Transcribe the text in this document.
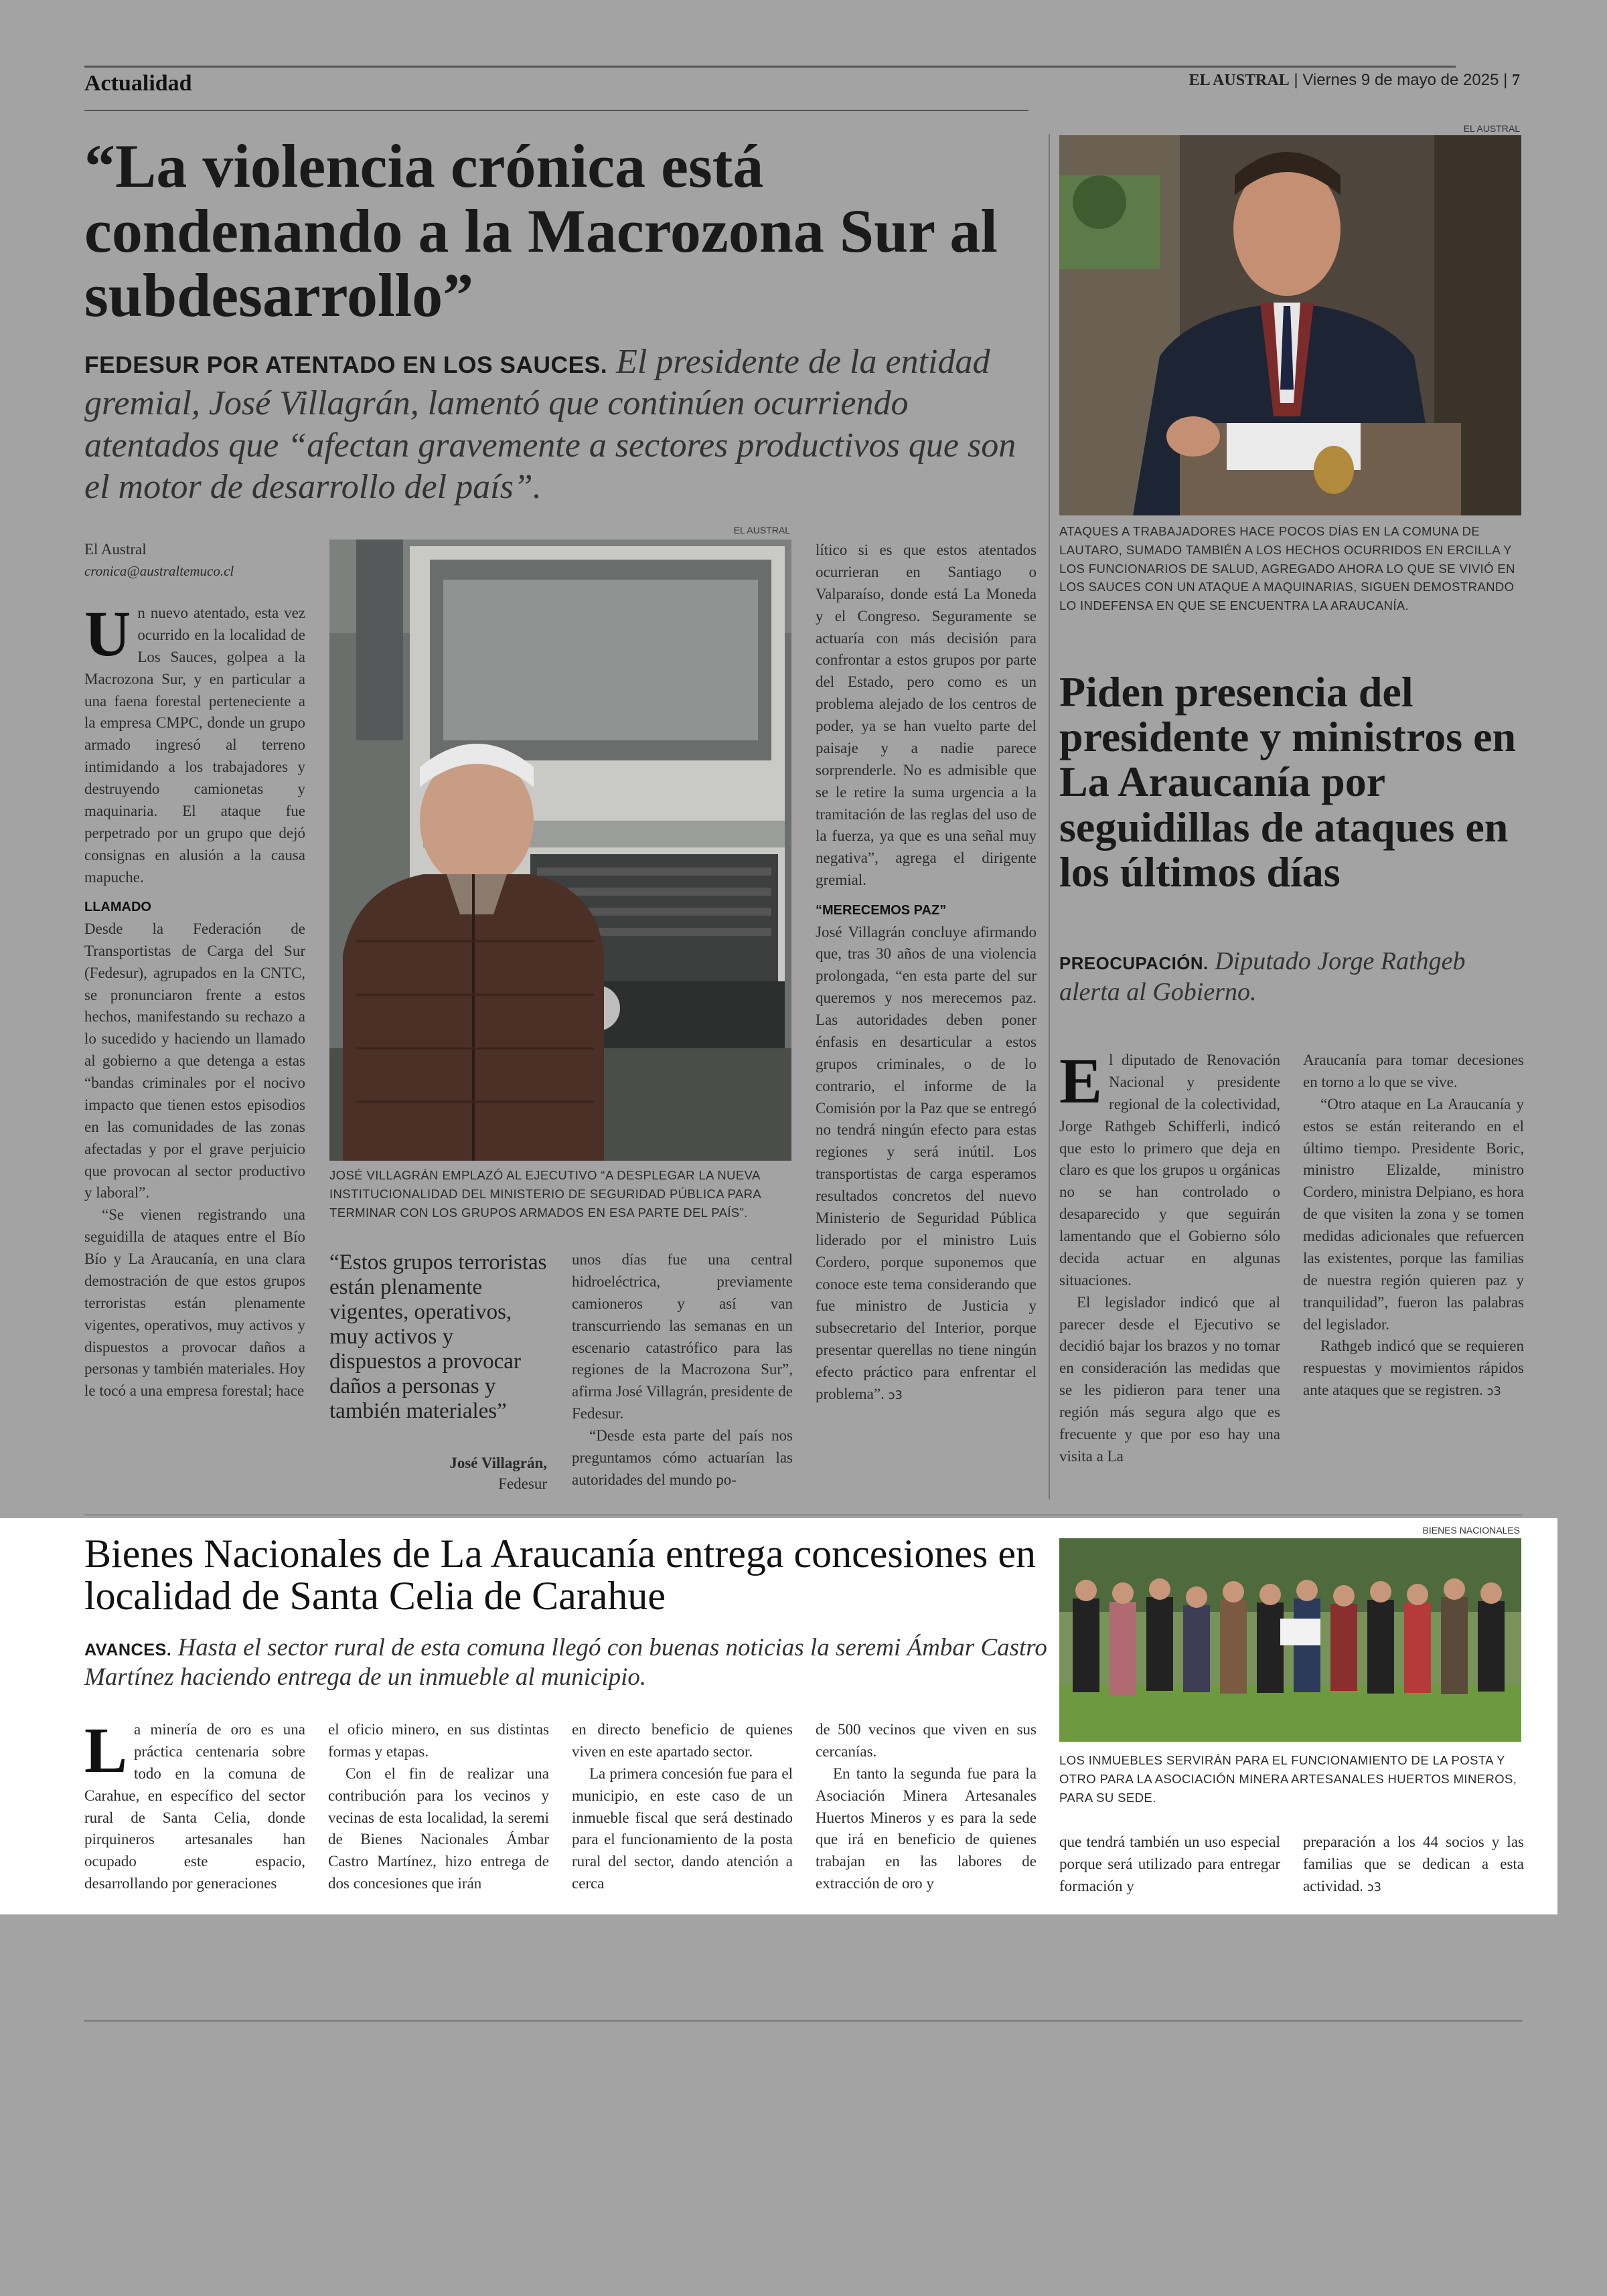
Actualidad	EL AUSTRAL | Viernes 9 de mayo de 2025 | 7
“La violencia crónica está condenando a la Macrozona Sur al subdesarrollo”
FEDESUR POR ATENTADO EN LOS SAUCES. El presidente de la entidad gremial, José Villagrán, lamentó que continúen ocurriendo atentados que “afectan gravemente a sectores productivos que son el motor de desarrollo del país”.
El Austral
cronica@australtemuco.cl

Un nuevo atentado, esta vez ocurrido en la localidad de Los Sauces, golpea a la Macrozona Sur, y en particular a una faena forestal perteneciente a la empresa CMPC, donde un grupo armado ingresó al terreno intimidando a los trabajadores y destruyendo camionetas y maquinaria. El ataque fue perpetrado por un grupo que dejó consignas en alusión a la causa mapuche.

LLAMADO

Desde la Federación de Transportistas de Carga del Sur (Fedesur), agrupados en la CNTC, se pronunciaron frente a estos hechos, manifestando su rechazo a lo sucedido y haciendo un llamado al gobierno a que detenga a estas “bandas criminales por el nocivo impacto que tienen estos episodios en las comunidades de las zonas afectadas y por el grave perjuicio que provocan al sector productivo y laboral”.

“Se vienen registrando una seguidilla de ataques entre el Bío Bío y La Araucanía, en una clara demostración de que estos grupos terroristas están plenamente vigentes, operativos, muy activos y dispuestos a provocar daños a personas y también materiales. Hoy le tocó a una empresa forestal; hace

EL AUSTRAL
JOSÉ VILLAGRÁN EMPLAZÓ AL EJECUTIVO “A DESPLEGAR LA NUEVA INSTITUCIONALIDAD DEL MINISTERIO DE SEGURIDAD PÚBLICA PARA TERMINAR CON LOS GRUPOS ARMADOS EN ESA PARTE DEL PAÍS”.
“Estos grupos terroristas están plenamente vigentes, operativos, muy activos y dispuestos a provocar daños a personas y también materiales”
José Villagrán,
Fedesur

unos días fue una central hidroeléctrica, previamente camioneros y así van transcurriendo las semanas en un escenario catastrófico para las regiones de la Macrozona Sur”, afirma José Villagrán, presidente de Fedesur.

“Desde esta parte del país nos preguntamos cómo actuarían las autoridades del mundo po-

lítico si es que estos atentados ocurrieran en Santiago o Valparaíso, donde está La Moneda y el Congreso. Seguramente se actuaría con más decisión para confrontar a estos grupos por parte del Estado, pero como es un problema alejado de los centros de poder, ya se han vuelto parte del paisaje y a nadie parece sorprenderle. No es admisible que se le retire la suma urgencia a la tramitación de las reglas del uso de la fuerza, ya que es una señal muy negativa”, agrega el dirigente gremial.

“MERECEMOS PAZ”

José Villagrán concluye afirmando que, tras 30 años de una violencia prolongada, “en esta parte del sur queremos y nos merecemos paz. Las autoridades deben poner énfasis en desarticular a estos grupos criminales, o de lo contrario, el informe de la Comisión por la Paz que se entregó no tendrá ningún efecto para estas regiones y será inútil. Los transportistas de carga esperamos resultados concretos del nuevo Ministerio de Seguridad Pública liderado por el ministro Luis Cordero, porque suponemos que conoce este tema considerando que fue ministro de Justicia y subsecretario del Interior, porque presentar querellas no tiene ningún efecto práctico para enfrentar el problema”. ↄ3

EL AUSTRAL
ATAQUES A TRABAJADORES HACE POCOS DÍAS EN LA COMUNA DE LAUTARO, SUMADO TAMBIÉN A LOS HECHOS OCURRIDOS EN ERCILLA Y LOS FUNCIONARIOS DE SALUD, AGREGADO AHORA LO QUE SE VIVIÓ EN LOS SAUCES CON UN ATAQUE A MAQUINARIAS, SIGUEN DEMOSTRANDO LO INDEFENSA EN QUE SE ENCUENTRA LA ARAUCANÍA.
Piden presencia del presidente y ministros en La Araucanía por seguidillas de ataques en los últimos días
PREOCUPACIÓN. Diputado Jorge Rathgeb alerta al Gobierno.

El diputado de Renovación Nacional y presidente regional de la colectividad, Jorge Rathgeb Schifferli, indicó que esto lo primero que deja en claro es que los grupos u orgánicas no se han controlado o desaparecido y que seguirán lamentando que el Gobierno sólo decida actuar en algunas situaciones.

El legislador indicó que al parecer desde el Ejecutivo se decidió bajar los brazos y no tomar en consideración las medidas que se les pidieron para tener una región más segura algo que es frecuente y que por eso hay una visita a La

Araucanía para tomar decesiones en torno a lo que se vive.

“Otro ataque en La Araucanía y estos se están reiterando en el último tiempo. Presidente Boric, ministro Elizalde, ministro Cordero, ministra Delpiano, es hora de que visiten la zona y se tomen medidas adicionales que refuercen las existentes, porque las familias de nuestra región quieren paz y tranquilidad”, fueron las palabras del legislador.

Rathgeb indicó que se requieren respuestas y movimientos rápidos ante ataques que se registren. ↄ3

Bienes Nacionales de La Araucanía entrega concesiones en localidad de Santa Celia de Carahue
AVANCES. Hasta el sector rural de esta comuna llegó con buenas noticias la seremi Ámbar Castro Martínez haciendo entrega de un inmueble al municipio.

La minería de oro es una práctica centenaria sobre todo en la comuna de Carahue, en específico del sector rural de Santa Celia, donde pirquineros artesanales han ocupado este espacio, desarrollando por generaciones

el oficio minero, en sus distintas formas y etapas.

Con el fin de realizar una contribución para los vecinos y vecinas de esta localidad, la seremi de Bienes Nacionales Ámbar Castro Martínez, hizo entrega de dos concesiones que irán

en directo beneficio de quienes viven en este apartado sector.

La primera concesión fue para el municipio, en este caso de un inmueble fiscal que será destinado para el funcionamiento de la posta rural del sector, dando atención a cerca

de 500 vecinos que viven en sus cercanías.

En tanto la segunda fue para la Asociación Minera Artesanales Huertos Mineros y es para la sede que irá en beneficio de quienes trabajan en las labores de extracción de oro y

BIENES NACIONALES
LOS INMUEBLES SERVIRÁN PARA EL FUNCIONAMIENTO DE LA POSTA Y OTRO PARA LA ASOCIACIÓN MINERA ARTESANALES HUERTOS MINEROS, PARA SU SEDE.

que tendrá también un uso especial porque será utilizado para entregar formación y

preparación a los 44 socios y las familias que se dedican a esta actividad. ↄ3
